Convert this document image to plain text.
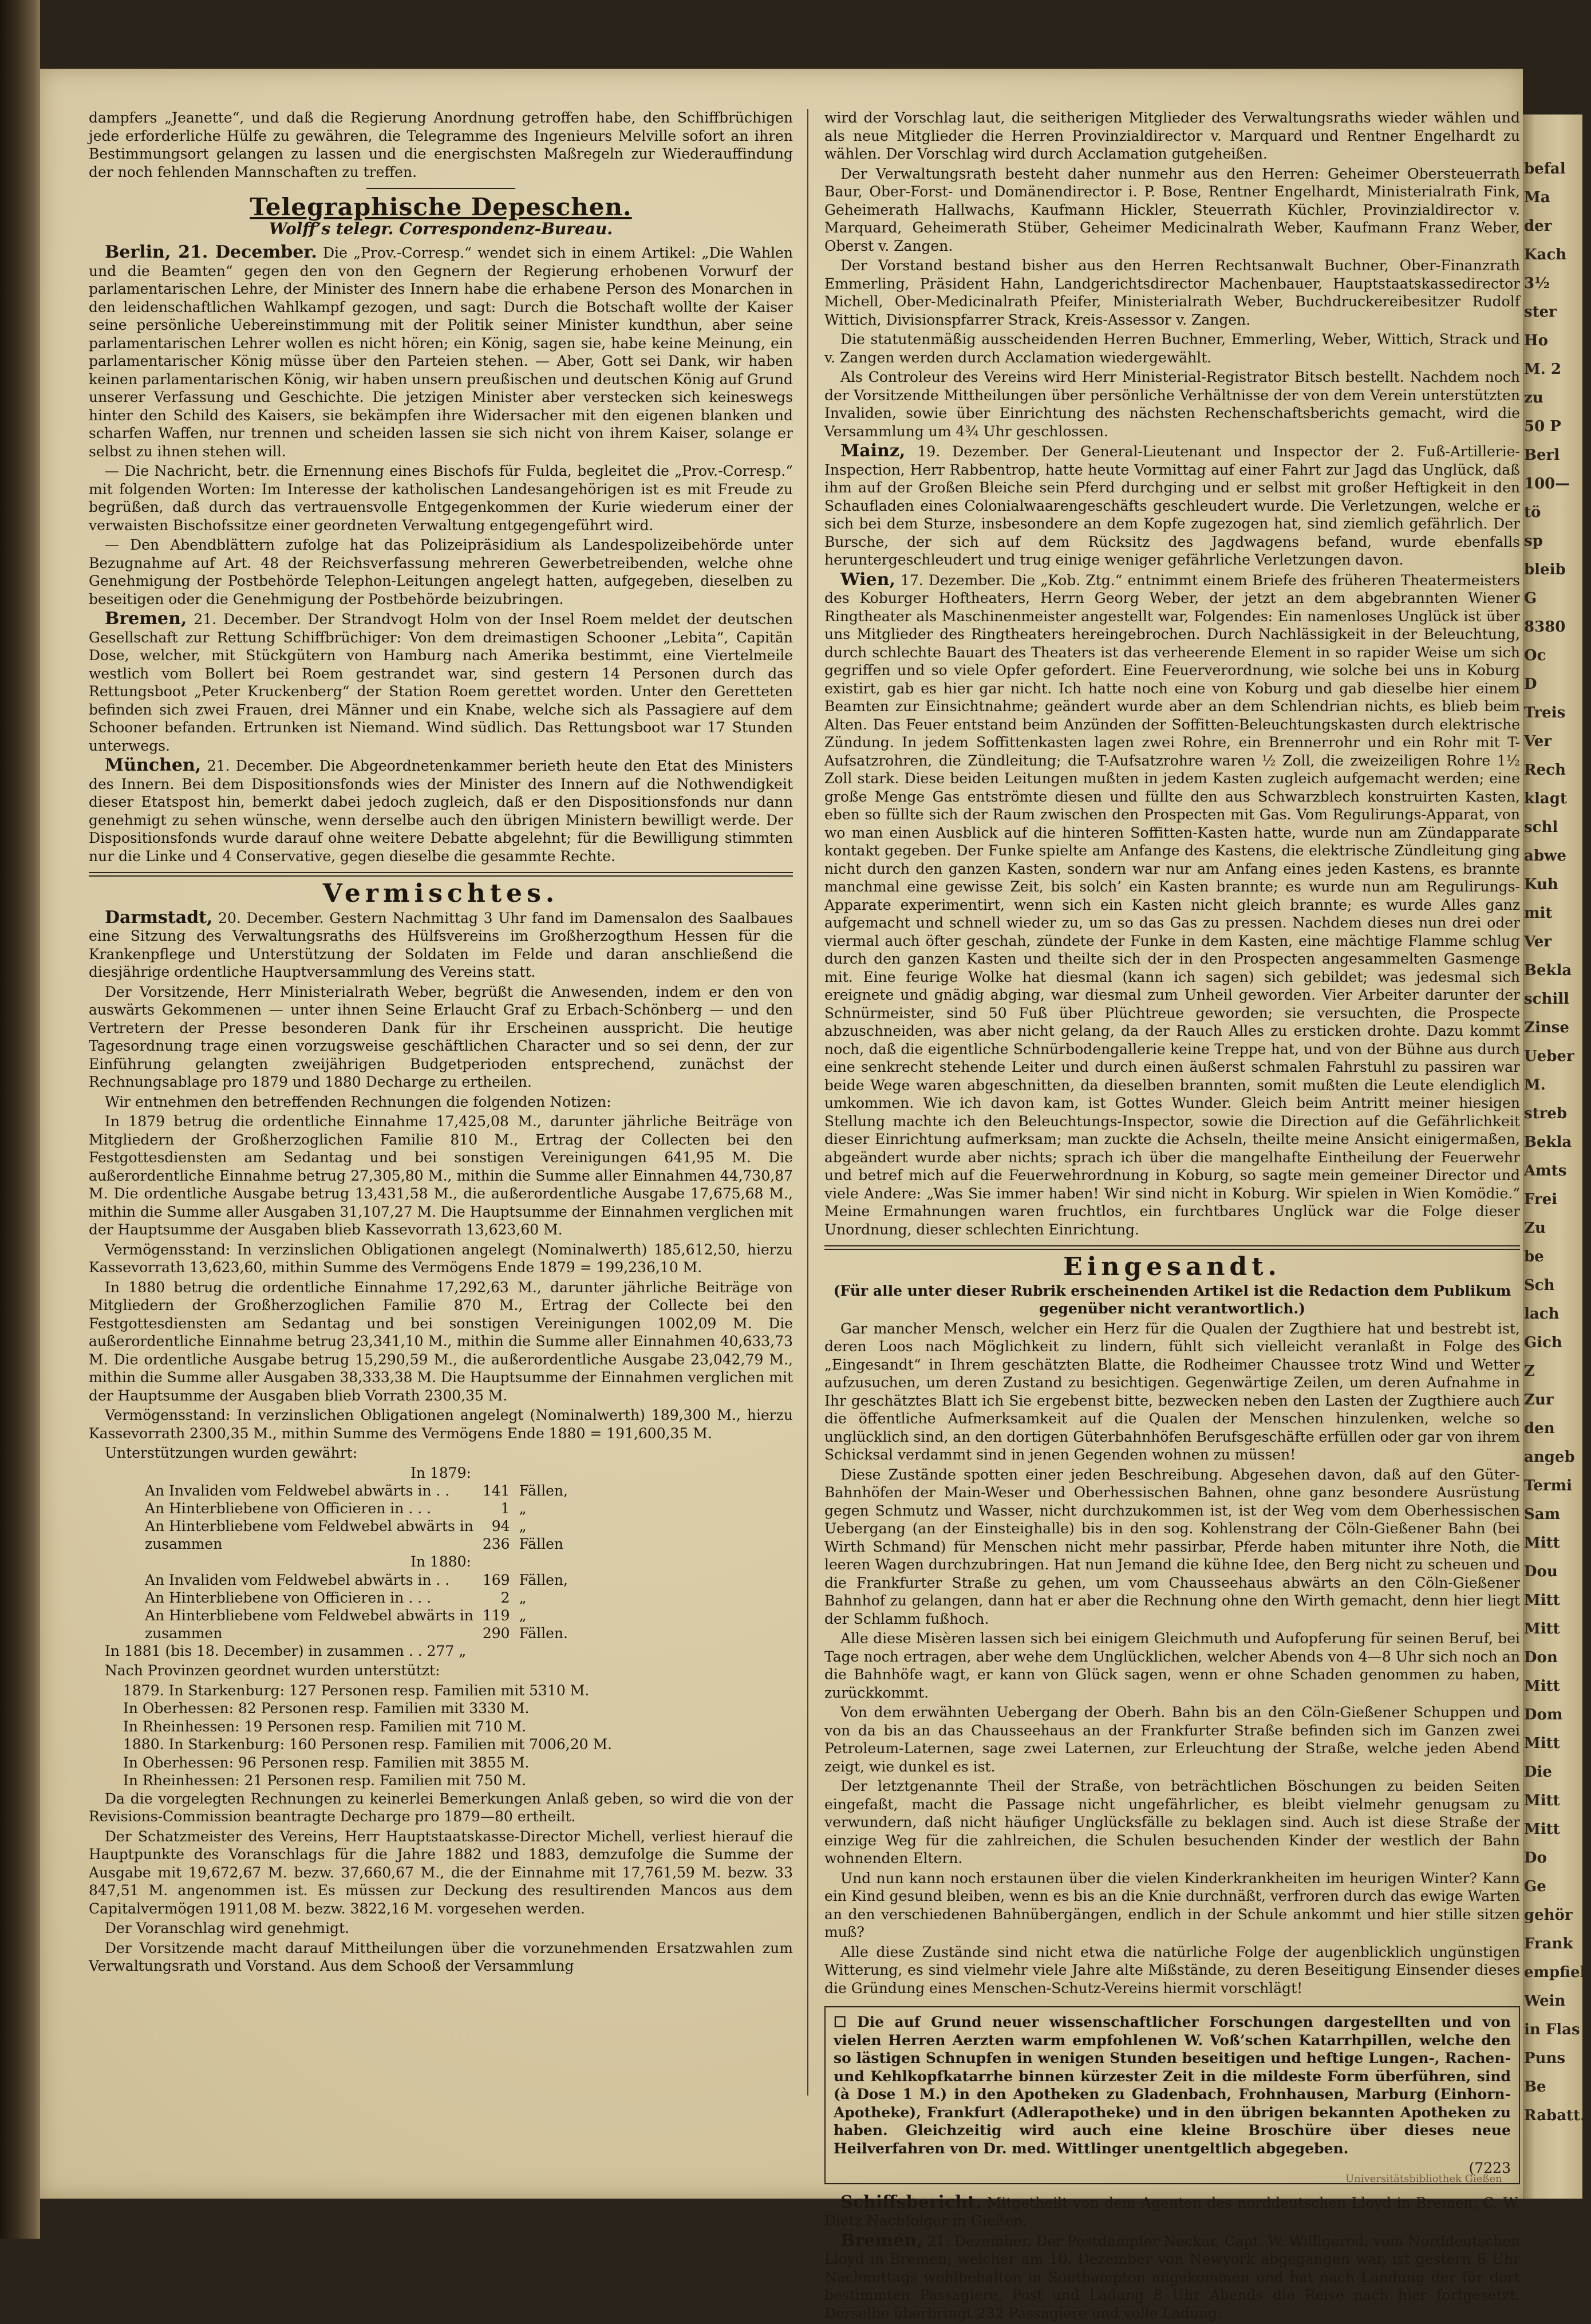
befal
Ma
der
Kach
3½
ster
Ho
M. 2
zu
50 P
Berl
100—
tö
sp
bleib
G
8380
Oc
D
Treis
Ver
Rech
klagt
schl
abwe
Kuh
mit
Ver
Bekla
schill
Zinse
Ueber
M.
streb
Bekla
Amts
Frei
Zu
be
Sch
lach
Gich
Z
Zur
den
angeb
Termi
Sam
Mitt
Dou
Mitt
Mitt
Don
Mitt
Dom
Mitt
Die
Mitt
Mitt
Do
Ge
gehör
Frank
empfieh
Wein
in Flas
Puns
Be
Rabatt.

dampfers „Jeanette“, und daß die Regierung Anordnung getroffen habe, den Schiffbrüchigen jede erforderliche Hülfe zu gewähren, die Telegramme des Ingenieurs Melville sofort an ihren Bestimmungsort gelangen zu lassen und die energischsten Maßregeln zur Wiederauffindung der noch fehlenden Mannschaften zu treffen.

Telegraphische Depeschen.
Wolff’s telegr. Correspondenz-Bureau.

Berlin, 21. December. Die „Prov.-Corresp.“ wendet sich in einem Artikel: „Die Wahlen und die Beamten“ gegen den von den Gegnern der Regierung erhobenen Vorwurf der parlamentarischen Lehre, der Minister des Innern habe die erhabene Person des Monarchen in den leidenschaftlichen Wahlkampf gezogen, und sagt: Durch die Botschaft wollte der Kaiser seine persönliche Uebereinstimmung mit der Politik seiner Minister kundthun, aber seine parlamentarischen Lehrer wollen es nicht hören; ein König, sagen sie, habe keine Meinung, ein parlamentarischer König müsse über den Parteien stehen. — Aber, Gott sei Dank, wir haben keinen parlamentarischen König, wir haben unsern preußischen und deutschen König auf Grund unserer Verfassung und Geschichte. Die jetzigen Minister aber verstecken sich keineswegs hinter den Schild des Kaisers, sie bekämpfen ihre Widersacher mit den eigenen blanken und scharfen Waffen, nur trennen und scheiden lassen sie sich nicht von ihrem Kaiser, solange er selbst zu ihnen stehen will.

— Die Nachricht, betr. die Ernennung eines Bischofs für Fulda, begleitet die „Prov.-Corresp.“ mit folgenden Worten: Im Interesse der katholischen Landesangehörigen ist es mit Freude zu begrüßen, daß durch das vertrauensvolle Entgegenkommen der Kurie wiederum einer der verwaisten Bischofssitze einer geordneten Verwaltung entgegengeführt wird.

— Den Abendblättern zufolge hat das Polizeipräsidium als Landespolizeibehörde unter Bezugnahme auf Art. 48 der Reichsverfassung mehreren Gewerbetreibenden, welche ohne Genehmigung der Postbehörde Telephon-Leitungen angelegt hatten, aufgegeben, dieselben zu beseitigen oder die Genehmigung der Postbehörde beizubringen.

Bremen, 21. December. Der Strandvogt Holm von der Insel Roem meldet der deutschen Gesellschaft zur Rettung Schiffbrüchiger: Von dem dreimastigen Schooner „Lebita“, Capitän Dose, welcher, mit Stückgütern von Hamburg nach Amerika bestimmt, eine Viertelmeile westlich vom Bollert bei Roem gestrandet war, sind gestern 14 Personen durch das Rettungsboot „Peter Kruckenberg“ der Station Roem gerettet worden. Unter den Geretteten befinden sich zwei Frauen, drei Männer und ein Knabe, welche sich als Passagiere auf dem Schooner befanden. Ertrunken ist Niemand. Wind südlich. Das Rettungsboot war 17 Stunden unterwegs.

München, 21. December. Die Abgeordnetenkammer berieth heute den Etat des Ministers des Innern. Bei dem Dispositionsfonds wies der Minister des Innern auf die Nothwendigkeit dieser Etatspost hin, bemerkt dabei jedoch zugleich, daß er den Dispositionsfonds nur dann genehmigt zu sehen wünsche, wenn derselbe auch den übrigen Ministern bewilligt werde. Der Dispositionsfonds wurde darauf ohne weitere Debatte abgelehnt; für die Bewilligung stimmten nur die Linke und 4 Conservative, gegen dieselbe die gesammte Rechte.

Vermischtes.

Darmstadt, 20. December. Gestern Nachmittag 3 Uhr fand im Damensalon des Saalbaues eine Sitzung des Verwaltungsraths des Hülfsvereins im Großherzogthum Hessen für die Krankenpflege und Unterstützung der Soldaten im Felde und daran anschließend die diesjährige ordentliche Hauptversammlung des Vereins statt.

Der Vorsitzende, Herr Ministerialrath Weber, begrüßt die Anwesenden, indem er den von auswärts Gekommenen — unter ihnen Seine Erlaucht Graf zu Erbach-Schönberg — und den Vertretern der Presse besonderen Dank für ihr Erscheinen ausspricht. Die heutige Tagesordnung trage einen vorzugsweise geschäftlichen Character und so sei denn, der zur Einführung gelangten zweijährigen Budgetperioden entsprechend, zunächst der Rechnungsablage pro 1879 und 1880 Decharge zu ertheilen.

Wir entnehmen den betreffenden Rechnungen die folgenden Notizen:

In 1879 betrug die ordentliche Einnahme 17,425,08 M., darunter jährliche Beiträge von Mitgliedern der Großherzoglichen Familie 810 M., Ertrag der Collecten bei den Festgottesdiensten am Sedantag und bei sonstigen Vereinigungen 641,95 M. Die außerordentliche Einnahme betrug 27,305,80 M., mithin die Summe aller Einnahmen 44,730,87 M. Die ordentliche Ausgabe betrug 13,431,58 M., die außerordentliche Ausgabe 17,675,68 M., mithin die Summe aller Ausgaben 31,107,27 M. Die Hauptsumme der Einnahmen verglichen mit der Hauptsumme der Ausgaben blieb Kassevorrath 13,623,60 M.

Vermögensstand: In verzinslichen Obligationen angelegt (Nominalwerth) 185,612,50, hierzu Kassevorrath 13,623,60, mithin Summe des Vermögens Ende 1879 = 199,236,10 M.

In 1880 betrug die ordentliche Einnahme 17,292,63 M., darunter jährliche Beiträge von Mitgliedern der Großherzoglichen Familie 870 M., Ertrag der Collecte bei den Festgottesdiensten am Sedantag und bei sonstigen Vereinigungen 1002,09 M. Die außerordentliche Einnahme betrug 23,341,10 M., mithin die Summe aller Einnahmen 40,633,73 M. Die ordentliche Ausgabe betrug 15,290,59 M., die außerordentliche Ausgabe 23,042,79 M., mithin die Summe aller Ausgaben 38,333,38 M. Die Hauptsumme der Einnahmen verglichen mit der Hauptsumme der Ausgaben blieb Vorrath 2300,35 M.

Vermögensstand: In verzinslichen Obligationen angelegt (Nominalwerth) 189,300 M., hierzu Kassevorrath 2300,35 M., mithin Summe des Vermögens Ende 1880 = 191,600,35 M.

Unterstützungen wurden gewährt:

In 1879:
An Invaliden vom Feldwebel abwärts in . .	141	Fällen,
An Hinterbliebene von Officieren in . . .	1	„
An Hinterbliebene vom Feldwebel abwärts in	94	„
zusammen	236	Fällen
In 1880:
An Invaliden vom Feldwebel abwärts in . .	169	Fällen,
An Hinterbliebene von Officieren in . . .	2	„
An Hinterbliebene vom Feldwebel abwärts in	119	„
zusammen	290	Fällen.

In 1881 (bis 18. December) in zusammen . . 277 „

Nach Provinzen geordnet wurden unterstützt:

1879. In Starkenburg: 127 Personen resp. Familien mit 5310 M.
In Oberhessen: 82 Personen resp. Familien mit 3330 M.
In Rheinhessen: 19 Personen resp. Familien mit 710 M.
1880. In Starkenburg: 160 Personen resp. Familien mit 7006,20 M.
In Oberhessen: 96 Personen resp. Familien mit 3855 M.
In Rheinhessen: 21 Personen resp. Familien mit 750 M.

Da die vorgelegten Rechnungen zu keinerlei Bemerkungen Anlaß geben, so wird die von der Revisions-Commission beantragte Decharge pro 1879—80 ertheilt.

Der Schatzmeister des Vereins, Herr Hauptstaatskasse-Director Michell, verliest hierauf die Hauptpunkte des Voranschlags für die Jahre 1882 und 1883, demzufolge die Summe der Ausgabe mit 19,672,67 M. bezw. 37,660,67 M., die der Einnahme mit 17,761,59 M. bezw. 33 847,51 M. angenommen ist. Es müssen zur Deckung des resultirenden Mancos aus dem Capitalvermögen 1911,08 M. bezw. 3822,16 M. vorgesehen werden.

Der Voranschlag wird genehmigt.

Der Vorsitzende macht darauf Mittheilungen über die vorzunehmenden Ersatzwahlen zum Verwaltungsrath und Vorstand. Aus dem Schooß der Versammlung

wird der Vorschlag laut, die seitherigen Mitglieder des Verwaltungsraths wieder wählen und als neue Mitglieder die Herren Provinzialdirector v. Marquard und Rentner Engelhardt zu wählen. Der Vorschlag wird durch Acclamation gutgeheißen.

Der Verwaltungsrath besteht daher nunmehr aus den Herren: Geheimer Obersteuerrath Baur, Ober-Forst- und Domänendirector i. P. Bose, Rentner Engelhardt, Ministerialrath Fink, Geheimerath Hallwachs, Kaufmann Hickler, Steuerrath Küchler, Provinzialdirector v. Marquard, Geheimerath Stüber, Geheimer Medicinalrath Weber, Kaufmann Franz Weber, Oberst v. Zangen.

Der Vorstand bestand bisher aus den Herren Rechtsanwalt Buchner, Ober-Finanzrath Emmerling, Präsident Hahn, Landgerichtsdirector Machenbauer, Hauptstaatskassedirector Michell, Ober-Medicinalrath Pfeifer, Ministerialrath Weber, Buchdruckereibesitzer Rudolf Wittich, Divisionspfarrer Strack, Kreis-Assessor v. Zangen.

Die statutenmäßig ausscheidenden Herren Buchner, Emmerling, Weber, Wittich, Strack und v. Zangen werden durch Acclamation wiedergewählt.

Als Controleur des Vereins wird Herr Ministerial-Registrator Bitsch bestellt. Nachdem noch der Vorsitzende Mittheilungen über persönliche Verhältnisse der von dem Verein unterstützten Invaliden, sowie über Einrichtung des nächsten Rechenschaftsberichts gemacht, wird die Versammlung um 4¾ Uhr geschlossen.

Mainz, 19. Dezember. Der General-Lieutenant und Inspector der 2. Fuß-Artillerie-Inspection, Herr Rabbentrop, hatte heute Vormittag auf einer Fahrt zur Jagd das Unglück, daß ihm auf der Großen Bleiche sein Pferd durchging und er selbst mit großer Heftigkeit in den Schaufladen eines Colonialwaarengeschäfts geschleudert wurde. Die Verletzungen, welche er sich bei dem Sturze, insbesondere an dem Kopfe zugezogen hat, sind ziemlich gefährlich. Der Bursche, der sich auf dem Rücksitz des Jagdwagens befand, wurde ebenfalls heruntergeschleudert und trug einige weniger gefährliche Verletzungen davon.

Wien, 17. Dezember. Die „Kob. Ztg.“ entnimmt einem Briefe des früheren Theatermeisters des Koburger Hoftheaters, Herrn Georg Weber, der jetzt an dem abgebrannten Wiener Ringtheater als Maschinenmeister angestellt war, Folgendes: Ein namenloses Unglück ist über uns Mitglieder des Ringtheaters hereingebrochen. Durch Nachlässigkeit in der Beleuchtung, durch schlechte Bauart des Theaters ist das verheerende Element in so rapider Weise um sich gegriffen und so viele Opfer gefordert. Eine Feuerverordnung, wie solche bei uns in Koburg existirt, gab es hier gar nicht. Ich hatte noch eine von Koburg und gab dieselbe hier einem Beamten zur Einsichtnahme; geändert wurde aber an dem Schlendrian nichts, es blieb beim Alten. Das Feuer entstand beim Anzünden der Soffitten-Beleuchtungskasten durch elektrische Zündung. In jedem Soffittenkasten lagen zwei Rohre, ein Brennerrohr und ein Rohr mit T-Aufsatzrohren, die Zündleitung; die T-Aufsatzrohre waren ½ Zoll, die zweizeiligen Rohre 1½ Zoll stark. Diese beiden Leitungen mußten in jedem Kasten zugleich aufgemacht werden; eine große Menge Gas entströmte diesen und füllte den aus Schwarzblech konstruirten Kasten, eben so füllte sich der Raum zwischen den Prospecten mit Gas. Vom Regulirungs-Apparat, von wo man einen Ausblick auf die hinteren Soffitten-Kasten hatte, wurde nun am Zündapparate kontakt gegeben. Der Funke spielte am Anfange des Kastens, die elektrische Zündleitung ging nicht durch den ganzen Kasten, sondern war nur am Anfang eines jeden Kastens, es brannte manchmal eine gewisse Zeit, bis solch’ ein Kasten brannte; es wurde nun am Regulirungs-Apparate experimentirt, wenn sich ein Kasten nicht gleich brannte; es wurde Alles ganz aufgemacht und schnell wieder zu, um so das Gas zu pressen. Nachdem dieses nun drei oder viermal auch öfter geschah, zündete der Funke in dem Kasten, eine mächtige Flamme schlug durch den ganzen Kasten und theilte sich der in den Prospecten angesammelten Gasmenge mit. Eine feurige Wolke hat diesmal (kann ich sagen) sich gebildet; was jedesmal sich ereignete und gnädig abging, war diesmal zum Unheil geworden. Vier Arbeiter darunter der Schnürmeister, sind 50 Fuß über Plüchtreue geworden; sie versuchten, die Prospecte abzuschneiden, was aber nicht gelang, da der Rauch Alles zu ersticken drohte. Dazu kommt noch, daß die eigentliche Schnürbodengallerie keine Treppe hat, und von der Bühne aus durch eine senkrecht stehende Leiter und durch einen äußerst schmalen Fahrstuhl zu passiren war beide Wege waren abgeschnitten, da dieselben brannten, somit mußten die Leute elendiglich umkommen. Wie ich davon kam, ist Gottes Wunder. Gleich beim Antritt meiner hiesigen Stellung machte ich den Beleuchtungs-Inspector, sowie die Direction auf die Gefährlichkeit dieser Einrichtung aufmerksam; man zuckte die Achseln, theilte meine Ansicht einigermaßen, abgeändert wurde aber nichts; sprach ich über die mangelhafte Eintheilung der Feuerwehr und betref mich auf die Feuerwehrordnung in Koburg, so sagte mein gemeiner Director und viele Andere: „Was Sie immer haben! Wir sind nicht in Koburg. Wir spielen in Wien Komödie.“ Meine Ermahnungen waren fruchtlos, ein furchtbares Unglück war die Folge dieser Unordnung, dieser schlechten Einrichtung.

Eingesandt.

(Für alle unter dieser Rubrik erscheinenden Artikel ist die Redaction dem Publikum gegenüber nicht verantwortlich.)

Gar mancher Mensch, welcher ein Herz für die Qualen der Zugthiere hat und bestrebt ist, deren Loos nach Möglichkeit zu lindern, fühlt sich vielleicht veranlaßt in Folge des „Eingesandt“ in Ihrem geschätzten Blatte, die Rodheimer Chaussee trotz Wind und Wetter aufzusuchen, um deren Zustand zu besichtigen. Gegenwärtige Zeilen, um deren Aufnahme in Ihr geschätztes Blatt ich Sie ergebenst bitte, bezwecken neben den Lasten der Zugthiere auch die öffentliche Aufmerksamkeit auf die Qualen der Menschen hinzulenken, welche so unglücklich sind, an den dortigen Güterbahnhöfen Berufsgeschäfte erfüllen oder gar von ihrem Schicksal verdammt sind in jenen Gegenden wohnen zu müssen!

Diese Zustände spotten einer jeden Beschreibung. Abgesehen davon, daß auf den Güter-Bahnhöfen der Main-Weser und Oberhessischen Bahnen, ohne ganz besondere Ausrüstung gegen Schmutz und Wasser, nicht durchzukommen ist, ist der Weg vom dem Oberhessischen Uebergang (an der Einsteighalle) bis in den sog. Kohlenstrang der Cöln-Gießener Bahn (bei Wirth Schmand) für Menschen nicht mehr passirbar, Pferde haben mitunter ihre Noth, die leeren Wagen durchzubringen. Hat nun Jemand die kühne Idee, den Berg nicht zu scheuen und die Frankfurter Straße zu gehen, um vom Chausseehaus abwärts an den Cöln-Gießener Bahnhof zu gelangen, dann hat er aber die Rechnung ohne den Wirth gemacht, denn hier liegt der Schlamm fußhoch.

Alle diese Misèren lassen sich bei einigem Gleichmuth und Aufopferung für seinen Beruf, bei Tage noch ertragen, aber wehe dem Unglücklichen, welcher Abends von 4—8 Uhr sich noch an die Bahnhöfe wagt, er kann von Glück sagen, wenn er ohne Schaden genommen zu haben, zurückkommt.

Von dem erwähnten Uebergang der Oberh. Bahn bis an den Cöln-Gießener Schuppen und von da bis an das Chausseehaus an der Frankfurter Straße befinden sich im Ganzen zwei Petroleum-Laternen, sage zwei Laternen, zur Erleuchtung der Straße, welche jeden Abend zeigt, wie dunkel es ist.

Der letztgenannte Theil der Straße, von beträchtlichen Böschungen zu beiden Seiten eingefaßt, macht die Passage nicht ungefährlicher, es bleibt vielmehr genugsam zu verwundern, daß nicht häufiger Unglücksfälle zu beklagen sind. Auch ist diese Straße der einzige Weg für die zahlreichen, die Schulen besuchenden Kinder der westlich der Bahn wohnenden Eltern.

Und nun kann noch erstaunen über die vielen Kinderkrankheiten im heurigen Winter? Kann ein Kind gesund bleiben, wenn es bis an die Knie durchnäßt, verfroren durch das ewige Warten an den verschiedenen Bahnübergängen, endlich in der Schule ankommt und hier stille sitzen muß?

Alle diese Zustände sind nicht etwa die natürliche Folge der augenblicklich ungünstigen Witterung, es sind vielmehr viele Jahre alte Mißstände, zu deren Beseitigung Einsender dieses die Gründung eines Menschen-Schutz-Vereins hiermit vorschlägt!

☐ Die auf Grund neuer wissenschaftlicher Forschungen dargestellten und von vielen Herren Aerzten warm empfohlenen W. Voß’schen Katarrhpillen, welche den so lästigen Schnupfen in wenigen Stunden beseitigen und heftige Lungen-, Rachen- und Kehlkopfkatarrhe binnen kürzester Zeit in die mildeste Form überführen, sind (à Dose 1 M.) in den Apotheken zu Gladenbach, Frohnhausen, Marburg (Einhorn-Apotheke), Frankfurt (Adlerapotheke) und in den übrigen bekannten Apotheken zu haben. Gleichzeitig wird auch eine kleine Broschüre über dieses neue Heilverfahren von Dr. med. Wittlinger unentgeltlich abgegeben.

(7223

Schiffsbericht. Mitgetheilt von dem Agenten des norddeutschen Lloyd in Bremen, C. W. Dietz Nachfolger in Gießen.

Bremen, 21. Dezember. Der Postdampfer Neckar, Capt. W. Willigerod, vom Norddeutschen Lloyd in Bremen, welcher am 10. Dezember von Newyork abgegangen war, ist gestern 6 Uhr Nachmittags wohlbehalten in Southampton angekommen und hat nach Landung der für dort bestimmten Passagiere, Post und Ladung 8 Uhr Abends die Reise nach hier fortgesetzt. Derselbe überbringt 232 Passagiere und volle Ladung.

Universitätsbibliothek Gießen
